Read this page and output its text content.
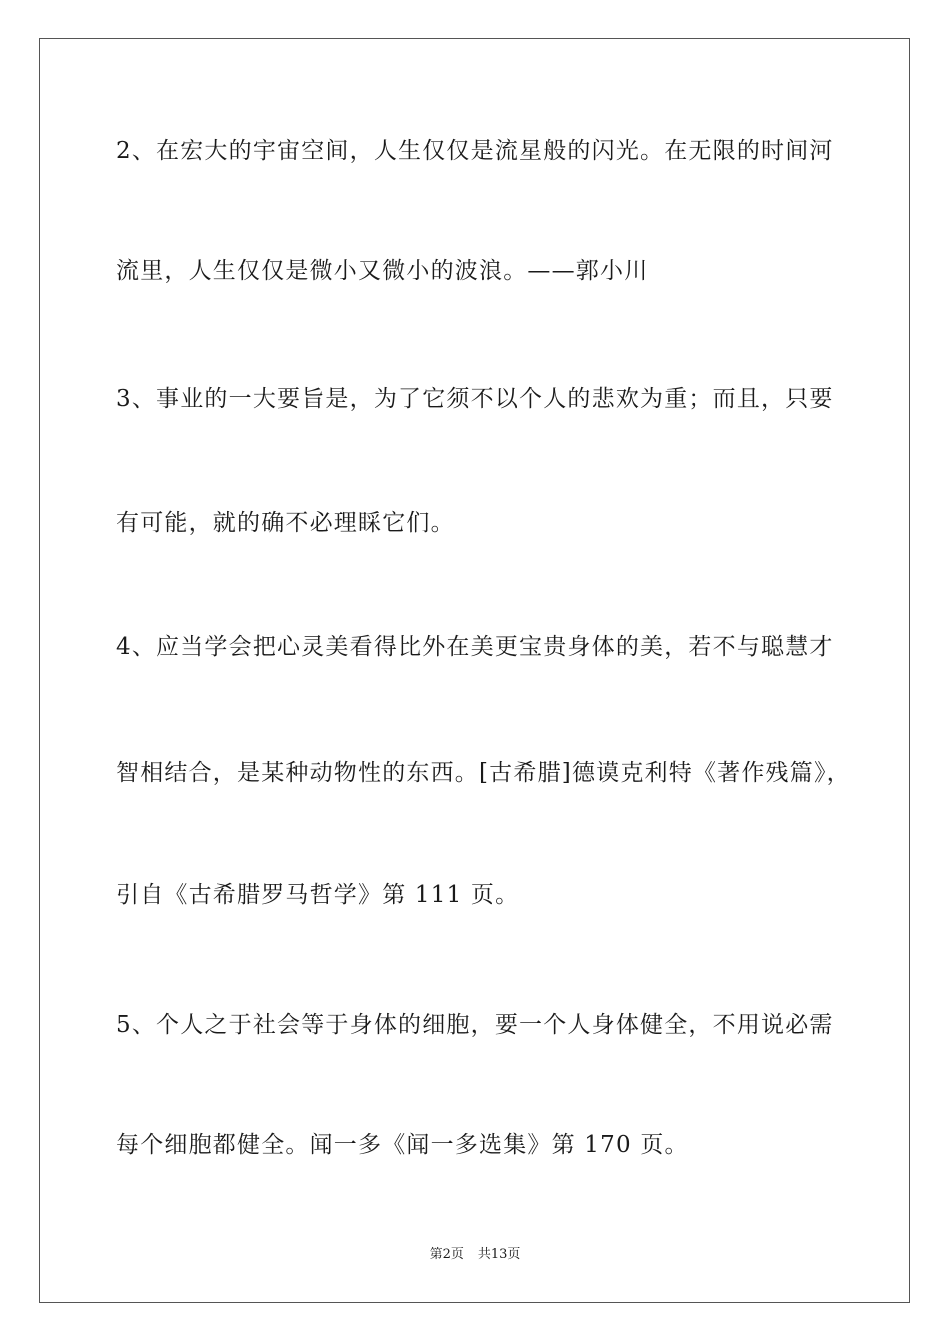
2、在宏大的宇宙空间，人生仅仅是流星般的闪光。在无限的时间河
流里，人生仅仅是微小又微小的波浪。——郭小川
3、事业的一大要旨是，为了它须不以个人的悲欢为重；而且，只要
有可能，就的确不必理睬它们。
4、应当学会把心灵美看得比外在美更宝贵身体的美，若不与聪慧才
智相结合，是某种动物性的东西。[古希腊]德谟克利特《著作残篇》，
引自《古希腊罗马哲学》第 111 页。
5、个人之于社会等于身体的细胞，要一个人身体健全，不用说必需
每个细胞都健全。闻一多《闻一多选集》第 170 页。
第2页 共13页
